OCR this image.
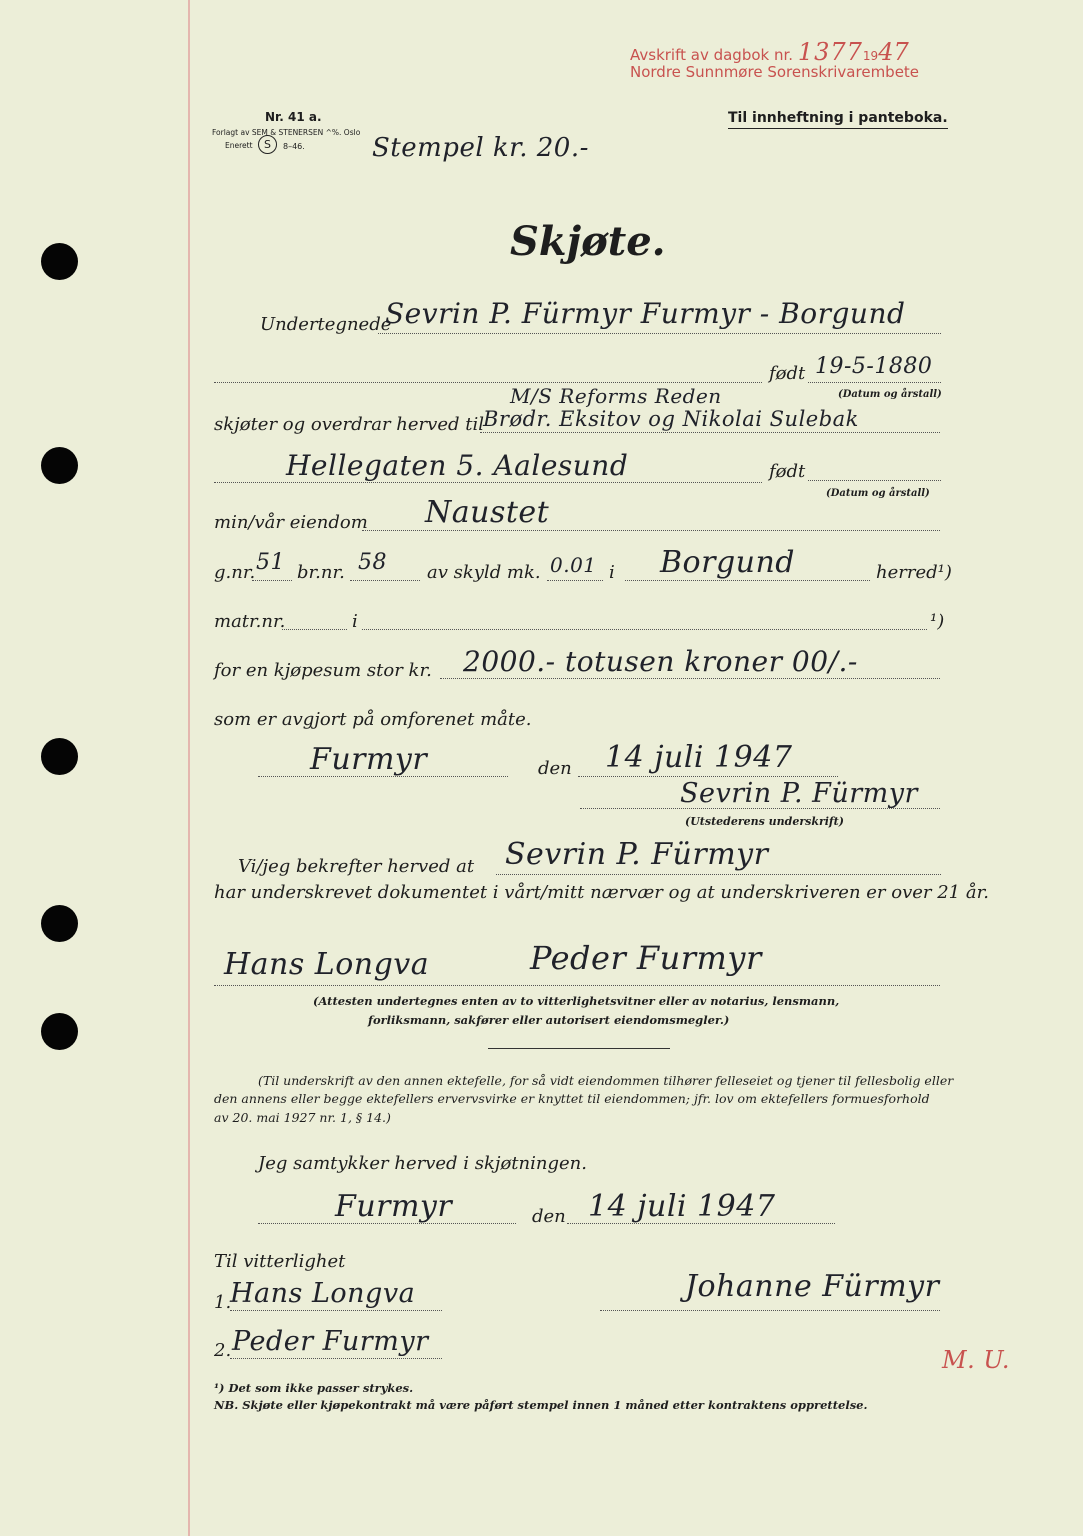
Avskrift av dagbok nr. 13771947
Nordre Sunnmøre Sorenskrivarembete
Nr. 41 a.
Forlagt av SEM & STENERSEN ^%. Oslo
Enerett	S	8–46.
Til innheftning i panteboka.
Stempel kr. 20.-
Skjøte.
Undertegnede
Sevrin P. Fürmyr Furmyr - Borgund
født 19-5-1880
(Datum og årstall)
skjøter og overdrar herved til
M/S Reforms Reden
Brødr. Eksitov og Nikolai Sulebak
Hellegaten 5. Aalesund	født
(Datum og årstall)
min/vår eiendom Naustet
g.nr. 51 br.nr. 58 av skyld mk. 0.01 i Borgund	herred¹)
matr.nr.	i	¹)
for en kjøpesum stor kr. 2000.- totusen kroner 00/.-
som er avgjort på omforenet måte.
Furmyr	den 14 juli 1947
Sevrin P. Fürmyr
(Utstederens underskrift)
Vi/jeg bekrefter herved at Sevrin P. Fürmyr
har underskrevet dokumentet i vårt/mitt nærvær og at underskriveren er over 21 år.
Hans Longva	Peder Furmyr
(Attesten undertegnes enten av to vitterlighetsvitner eller av notarius, lensmann,
forliksmann, sakfører eller autorisert eiendomsmegler.)
(Til underskrift av den annen ektefelle, for så vidt eiendommen tilhører felleseiet og tjener til fellesbolig eller
den annens eller begge ektefellers ervervsvirke er knyttet til eiendommen; jfr. lov om ektefellers formuesforhold
av 20. mai 1927 nr. 1, § 14.)
Jeg samtykker herved i skjøtningen.
Furmyr	den 14 juli 1947
Til vitterlighet
1.
Hans Longva	Johanne Fürmyr
2. Peder Furmyr
M. U.
¹) Det som ikke passer strykes.
NB. Skjøte eller kjøpekontrakt må være påført stempel innen 1 måned etter kontraktens opprettelse.
